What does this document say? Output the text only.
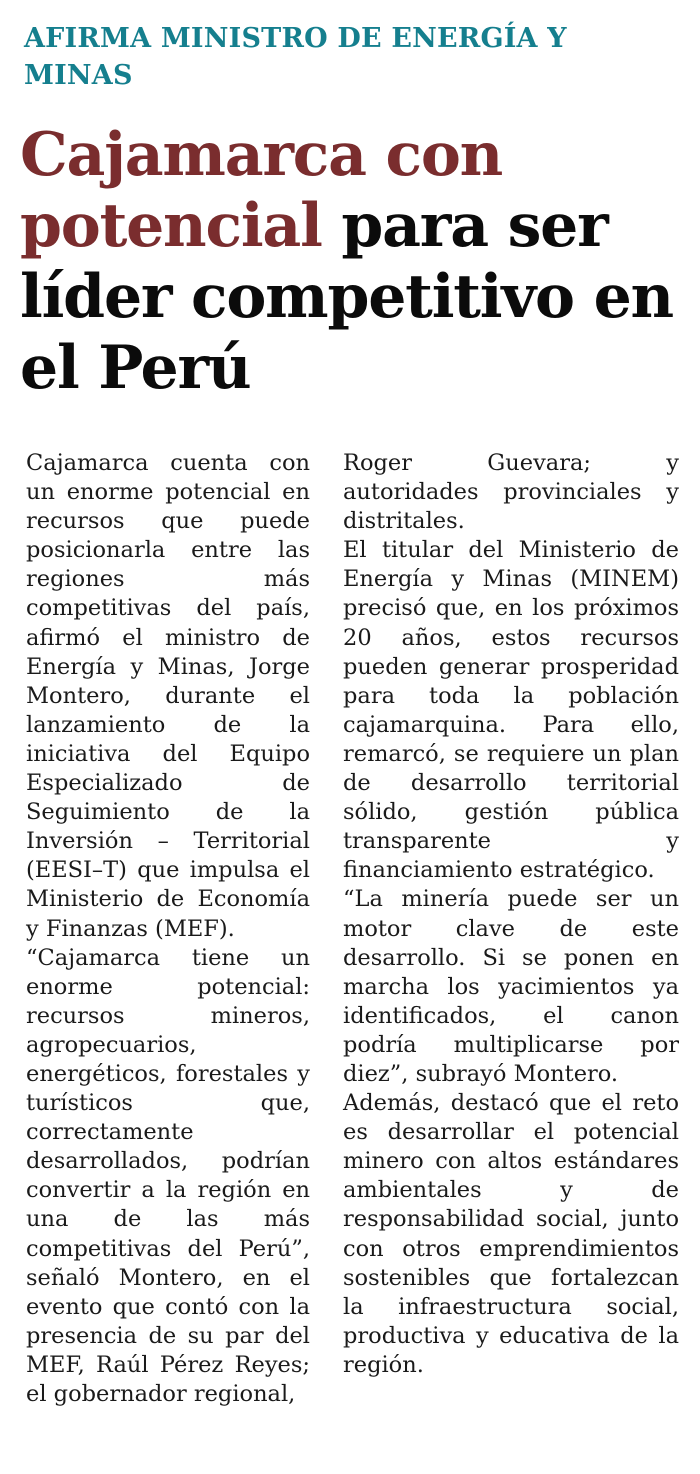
AFIRMA MINISTRO DE ENERGÍA Y MINAS
Cajamarca con potencial para ser líder competitivo en el Perú

Cajamarca cuenta con un enorme potencial en recursos que puede posicionarla entre las regiones más competitivas del país, afirmó el ministro de Energía y Minas, Jorge Montero, durante el lanzamiento de la iniciativa del Equipo Especializado de Seguimiento de la Inversión – Territorial (EESI–T) que impulsa el Ministerio de Economía y Finanzas (MEF).

“Cajamarca tiene un enorme potencial: recursos mineros, agropecuarios, energéticos, forestales y turísticos que, correctamente desarrollados, podrían convertir a la región en una de las más competitivas del Perú”, señaló Montero, en el evento que contó con la presencia de su par del MEF, Raúl Pérez Reyes; el gobernador regional,

Roger Guevara; y autoridades provinciales y distritales.

El titular del Ministerio de Energía y Minas (MINEM) precisó que, en los próximos 20 años, estos recursos pueden generar prosperidad para toda la población cajamarquina. Para ello, remarcó, se requiere un plan de desarrollo territorial sólido, gestión pública transparente y financiamiento estratégico.

“La minería puede ser un motor clave de este desarrollo. Si se ponen en marcha los yacimientos ya identificados, el canon podría multiplicarse por diez”, subrayó Montero.

Además, destacó que el reto es desarrollar el potencial minero con altos estándares ambientales y de responsabilidad social, junto con otros emprendimientos sostenibles que fortalezcan la infraestructura social, productiva y educativa de la región.
